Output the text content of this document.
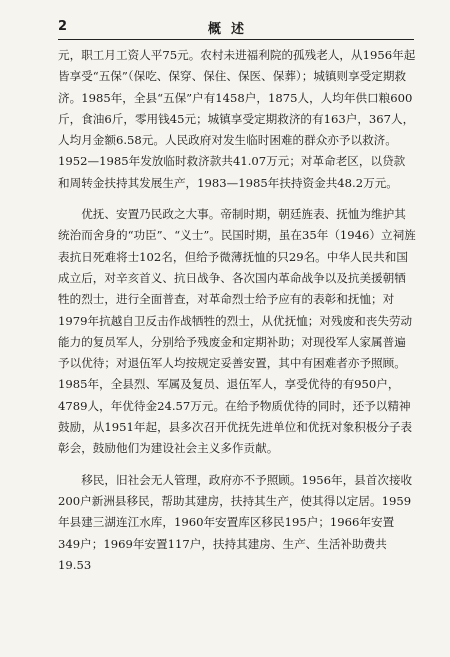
2	概述

元，职工月工资人平75元。农村未进福利院的孤残老人，从1956年起皆享受“五保”（保吃、保穿、保住、保医、保葬）；城镇则享受定期救济。1985年，全县“五保”户有1458户，1875人，人均年供口粮600斤，食油6斤，零用钱45元；城镇享受定期救济的有163户，367人，人均月金额6.58元。人民政府对发生临时困难的群众亦予以救济。1952—1985年发放临时救济款共41.07万元；对革命老区，以贷款和周转金扶持其发展生产，1983—1985年扶持资金共48.2万元。

优抚、安置乃民政之大事。帝制时期，朝廷旌表、抚恤为维护其统治而舍身的“功臣”、“义士”。民国时期，虽在35年（1946）立祠旌表抗日死难将士102名，但给予微薄抚恤的只29名。中华人民共和国成立后，对辛亥首义、抗日战争、各次国内革命战争以及抗美援朝牺牲的烈士，进行全面普查，对革命烈士给予应有的表彰和抚恤；对1979年抗越自卫反击作战牺牲的烈士，从优抚恤；对残废和丧失劳动能力的复员军人，分别给予残废金和定期补助；对现役军人家属普遍予以优待；对退伍军人均按规定妥善安置，其中有困难者亦予照顾。1985年，全县烈、军属及复员、退伍军人，享受优待的有950户，4789人，年优待金24.57万元。在给予物质优待的同时，还予以精神鼓励，从1951年起，县多次召开优抚先进单位和优抚对象积极分子表彰会，鼓励他们为建设社会主义多作贡献。

移民，旧社会无人管理，政府亦不予照顾。1956年，县首次接收200户新洲县移民，帮助其建房，扶持其生产，使其得以定居。1959年县建三湖连江水库，1960年安置库区移民195户；1966年安置349户；1969年安置117户，扶持其建房、生产、生活补助费共19.53
